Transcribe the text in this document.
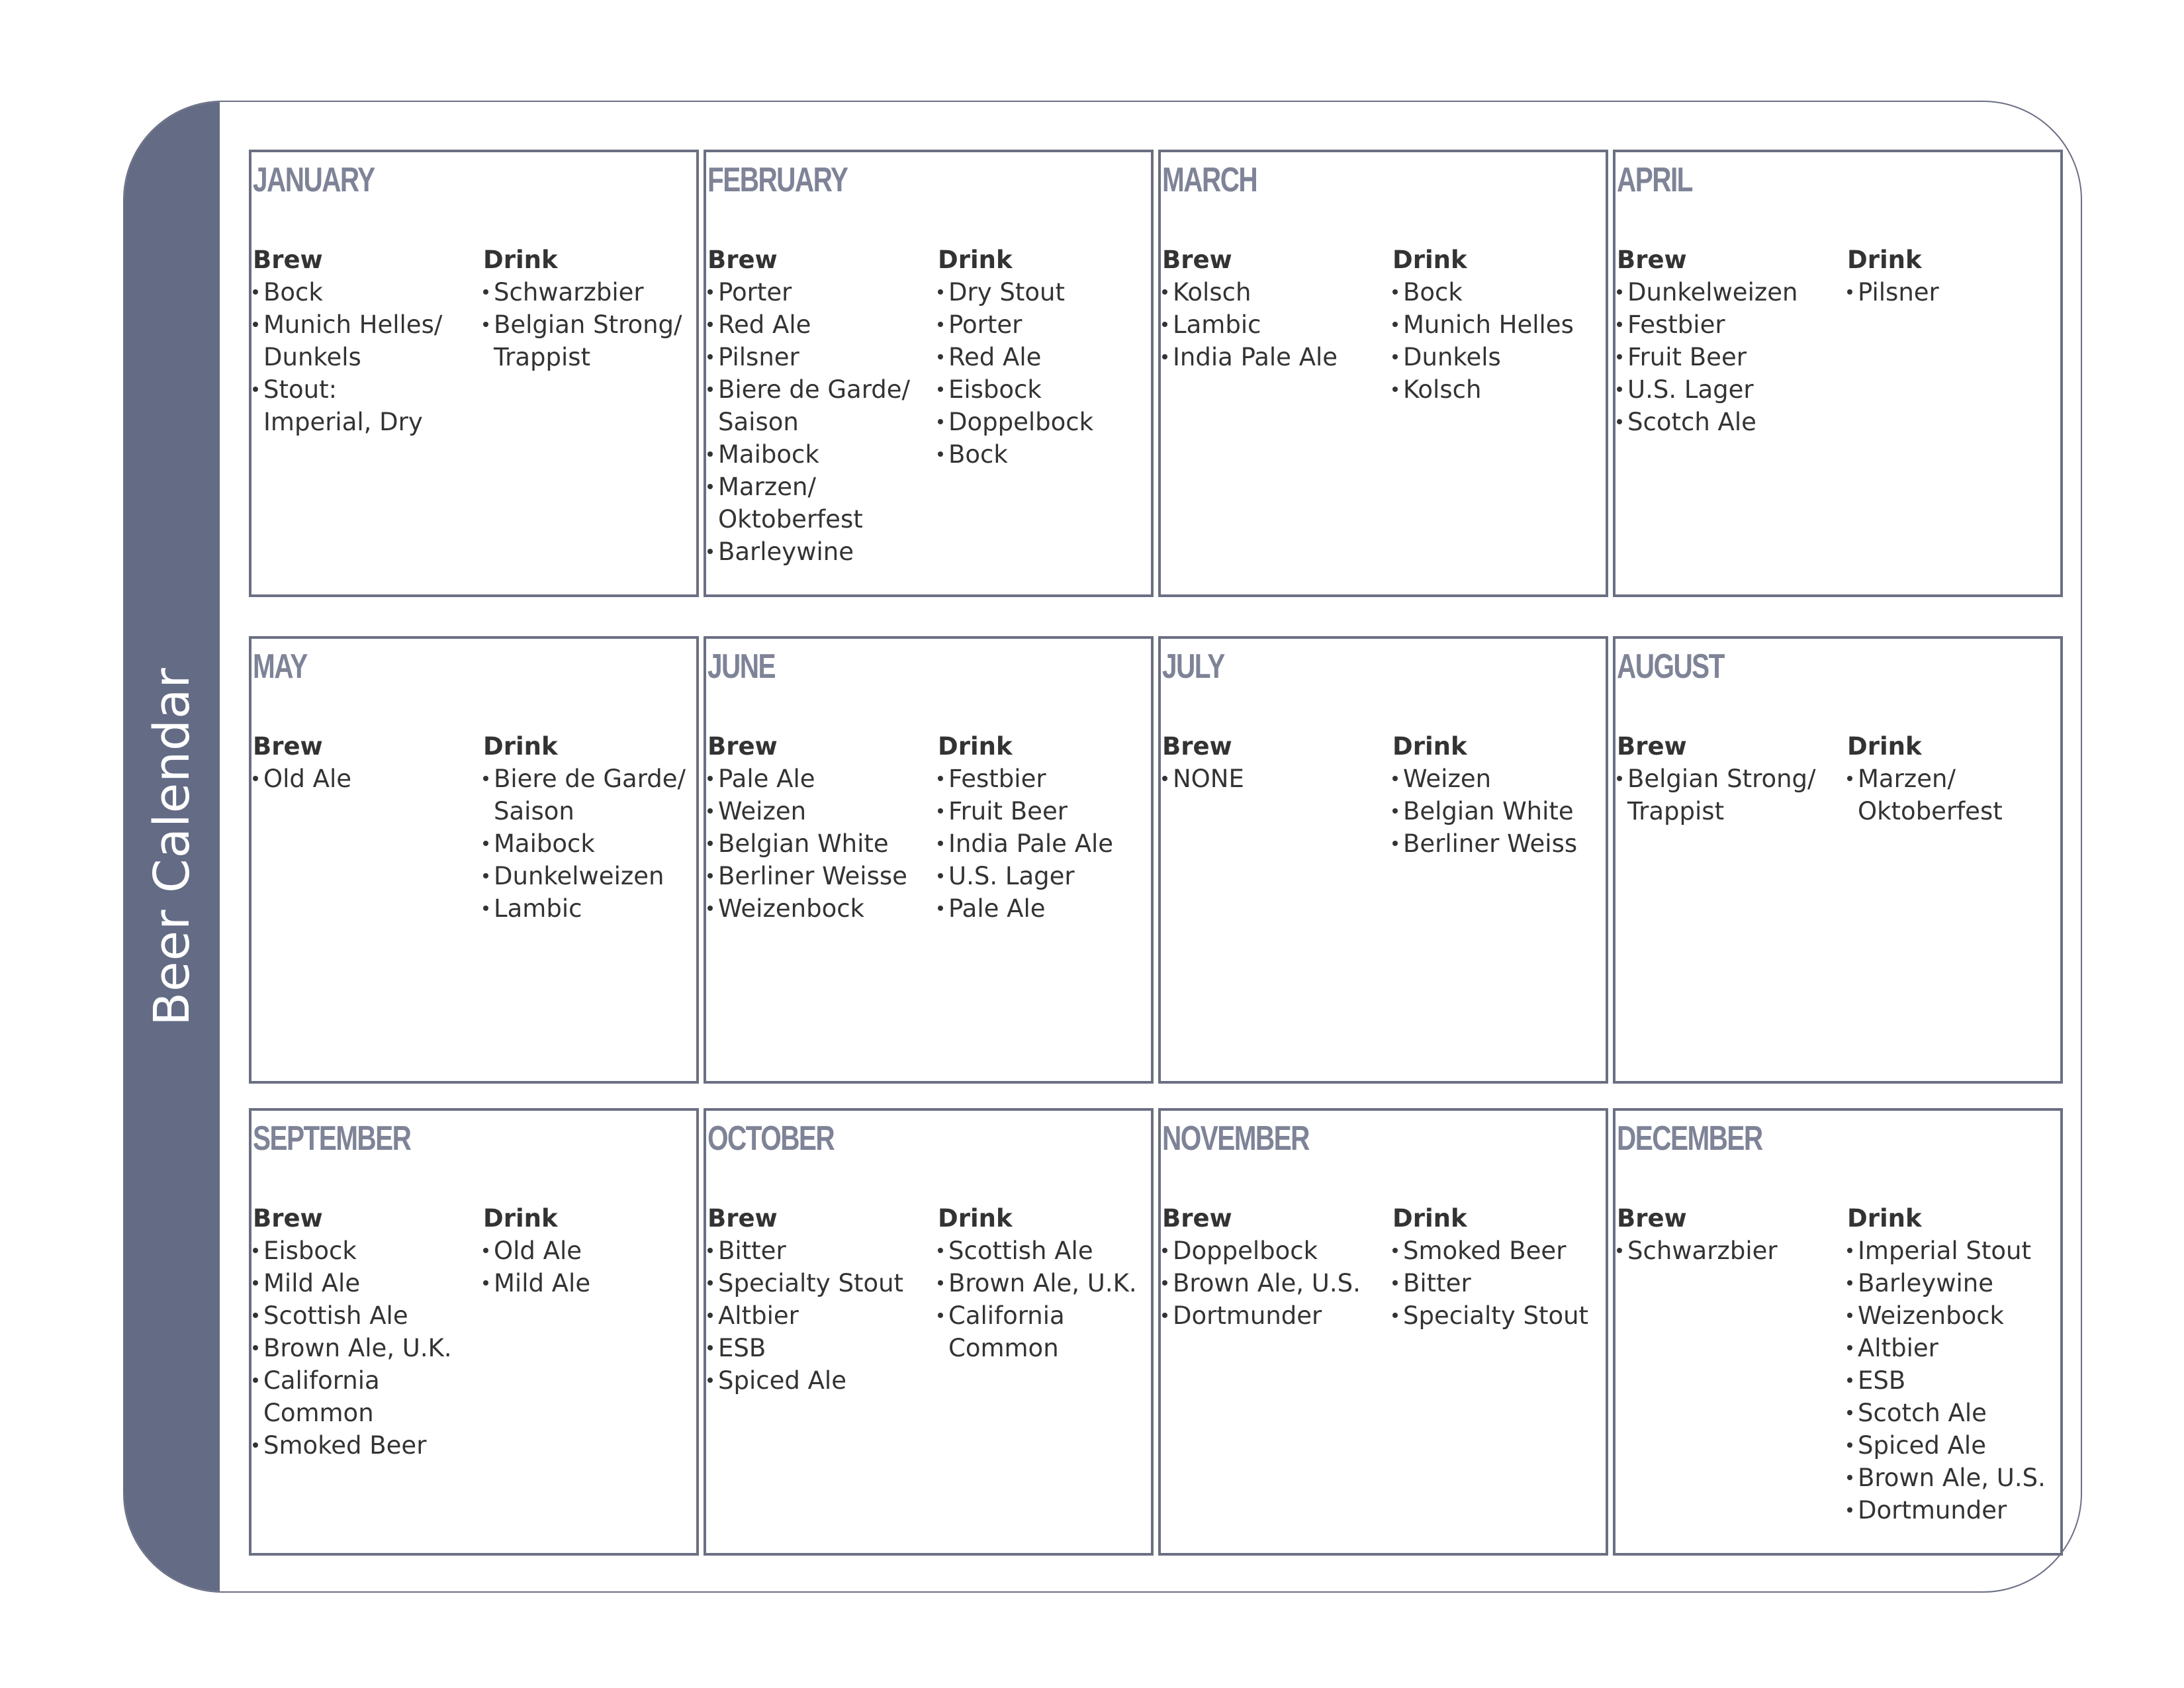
Beer Calendar
JANUARY
Brew
Bock
Munich Helles/
Dunkels
Stout:
Imperial, Dry
Drink
Schwarzbier
Belgian Strong/
Trappist
FEBRUARY
Brew
Porter
Red Ale
Pilsner
Biere de Garde/
Saison
Maibock
Marzen/
Oktoberfest
Barleywine
Drink
Dry Stout
Porter
Red Ale
Eisbock
Doppelbock
Bock
MARCH
Brew
Kolsch
Lambic
India Pale Ale
Drink
Bock
Munich Helles
Dunkels
Kolsch
APRIL
Brew
Dunkelweizen
Festbier
Fruit Beer
U.S. Lager
Scotch Ale
Drink
Pilsner
MAY
Brew
Old Ale
Drink
Biere de Garde/
Saison
Maibock
Dunkelweizen
Lambic
JUNE
Brew
Pale Ale
Weizen
Belgian White
Berliner Weisse
Weizenbock
Drink
Festbier
Fruit Beer
India Pale Ale
U.S. Lager
Pale Ale
JULY
Brew
NONE
Drink
Weizen
Belgian White
Berliner Weiss
AUGUST
Brew
Belgian Strong/
Trappist
Drink
Marzen/
Oktoberfest
SEPTEMBER
Brew
Eisbock
Mild Ale
Scottish Ale
Brown Ale, U.K.
California
Common
Smoked Beer
Drink
Old Ale
Mild Ale
OCTOBER
Brew
Bitter
Specialty Stout
Altbier
ESB
Spiced Ale
Drink
Scottish Ale
Brown Ale, U.K.
California
Common
NOVEMBER
Brew
Doppelbock
Brown Ale, U.S.
Dortmunder
Drink
Smoked Beer
Bitter
Specialty Stout
DECEMBER
Brew
Schwarzbier
Drink
Imperial Stout
Barleywine
Weizenbock
Altbier
ESB
Scotch Ale
Spiced Ale
Brown Ale, U.S.
Dortmunder
